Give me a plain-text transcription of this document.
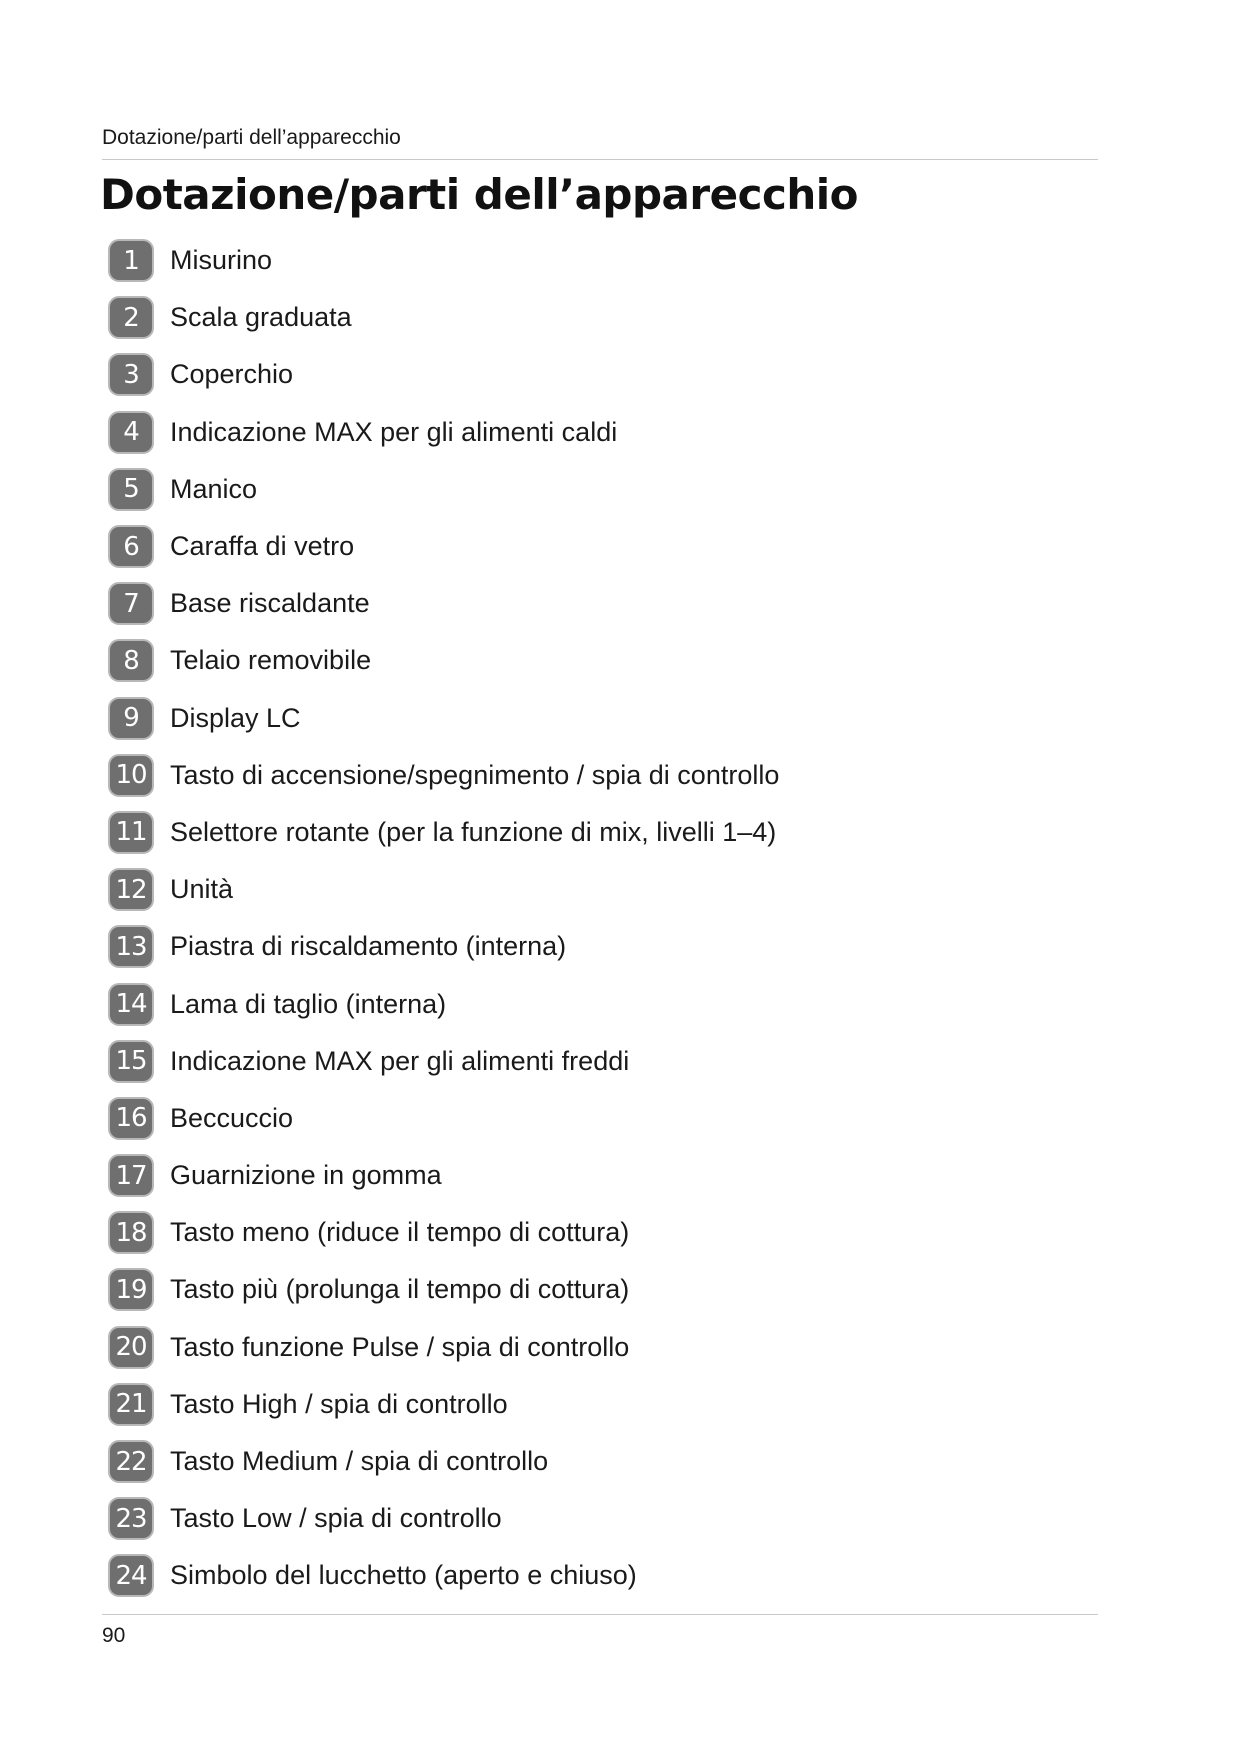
Dotazione/parti dell’apparecchio
Dotazione/parti dell’apparecchio
1	Misurino
2	Scala graduata
3	Coperchio
4	Indicazione MAX per gli alimenti caldi
5	Manico
6	Caraffa di vetro
7	Base riscaldante
8	Telaio removibile
9	Display LC
10 Tasto di accensione/spegnimento / spia di controllo
11 Selettore rotante (per la funzione di mix, livelli 1–4)
12 Unità
13 Piastra di riscaldamento (interna)
14 Lama di taglio (interna)
15 Indicazione MAX per gli alimenti freddi
16 Beccuccio
17 Guarnizione in gomma
18 Tasto meno (riduce il tempo di cottura)
19 Tasto più (prolunga il tempo di cottura)
20 Tasto funzione Pulse / spia di controllo
21 Tasto High / spia di controllo
22 Tasto Medium / spia di controllo
23 Tasto Low / spia di controllo
24 Simbolo del lucchetto (aperto e chiuso)
90
